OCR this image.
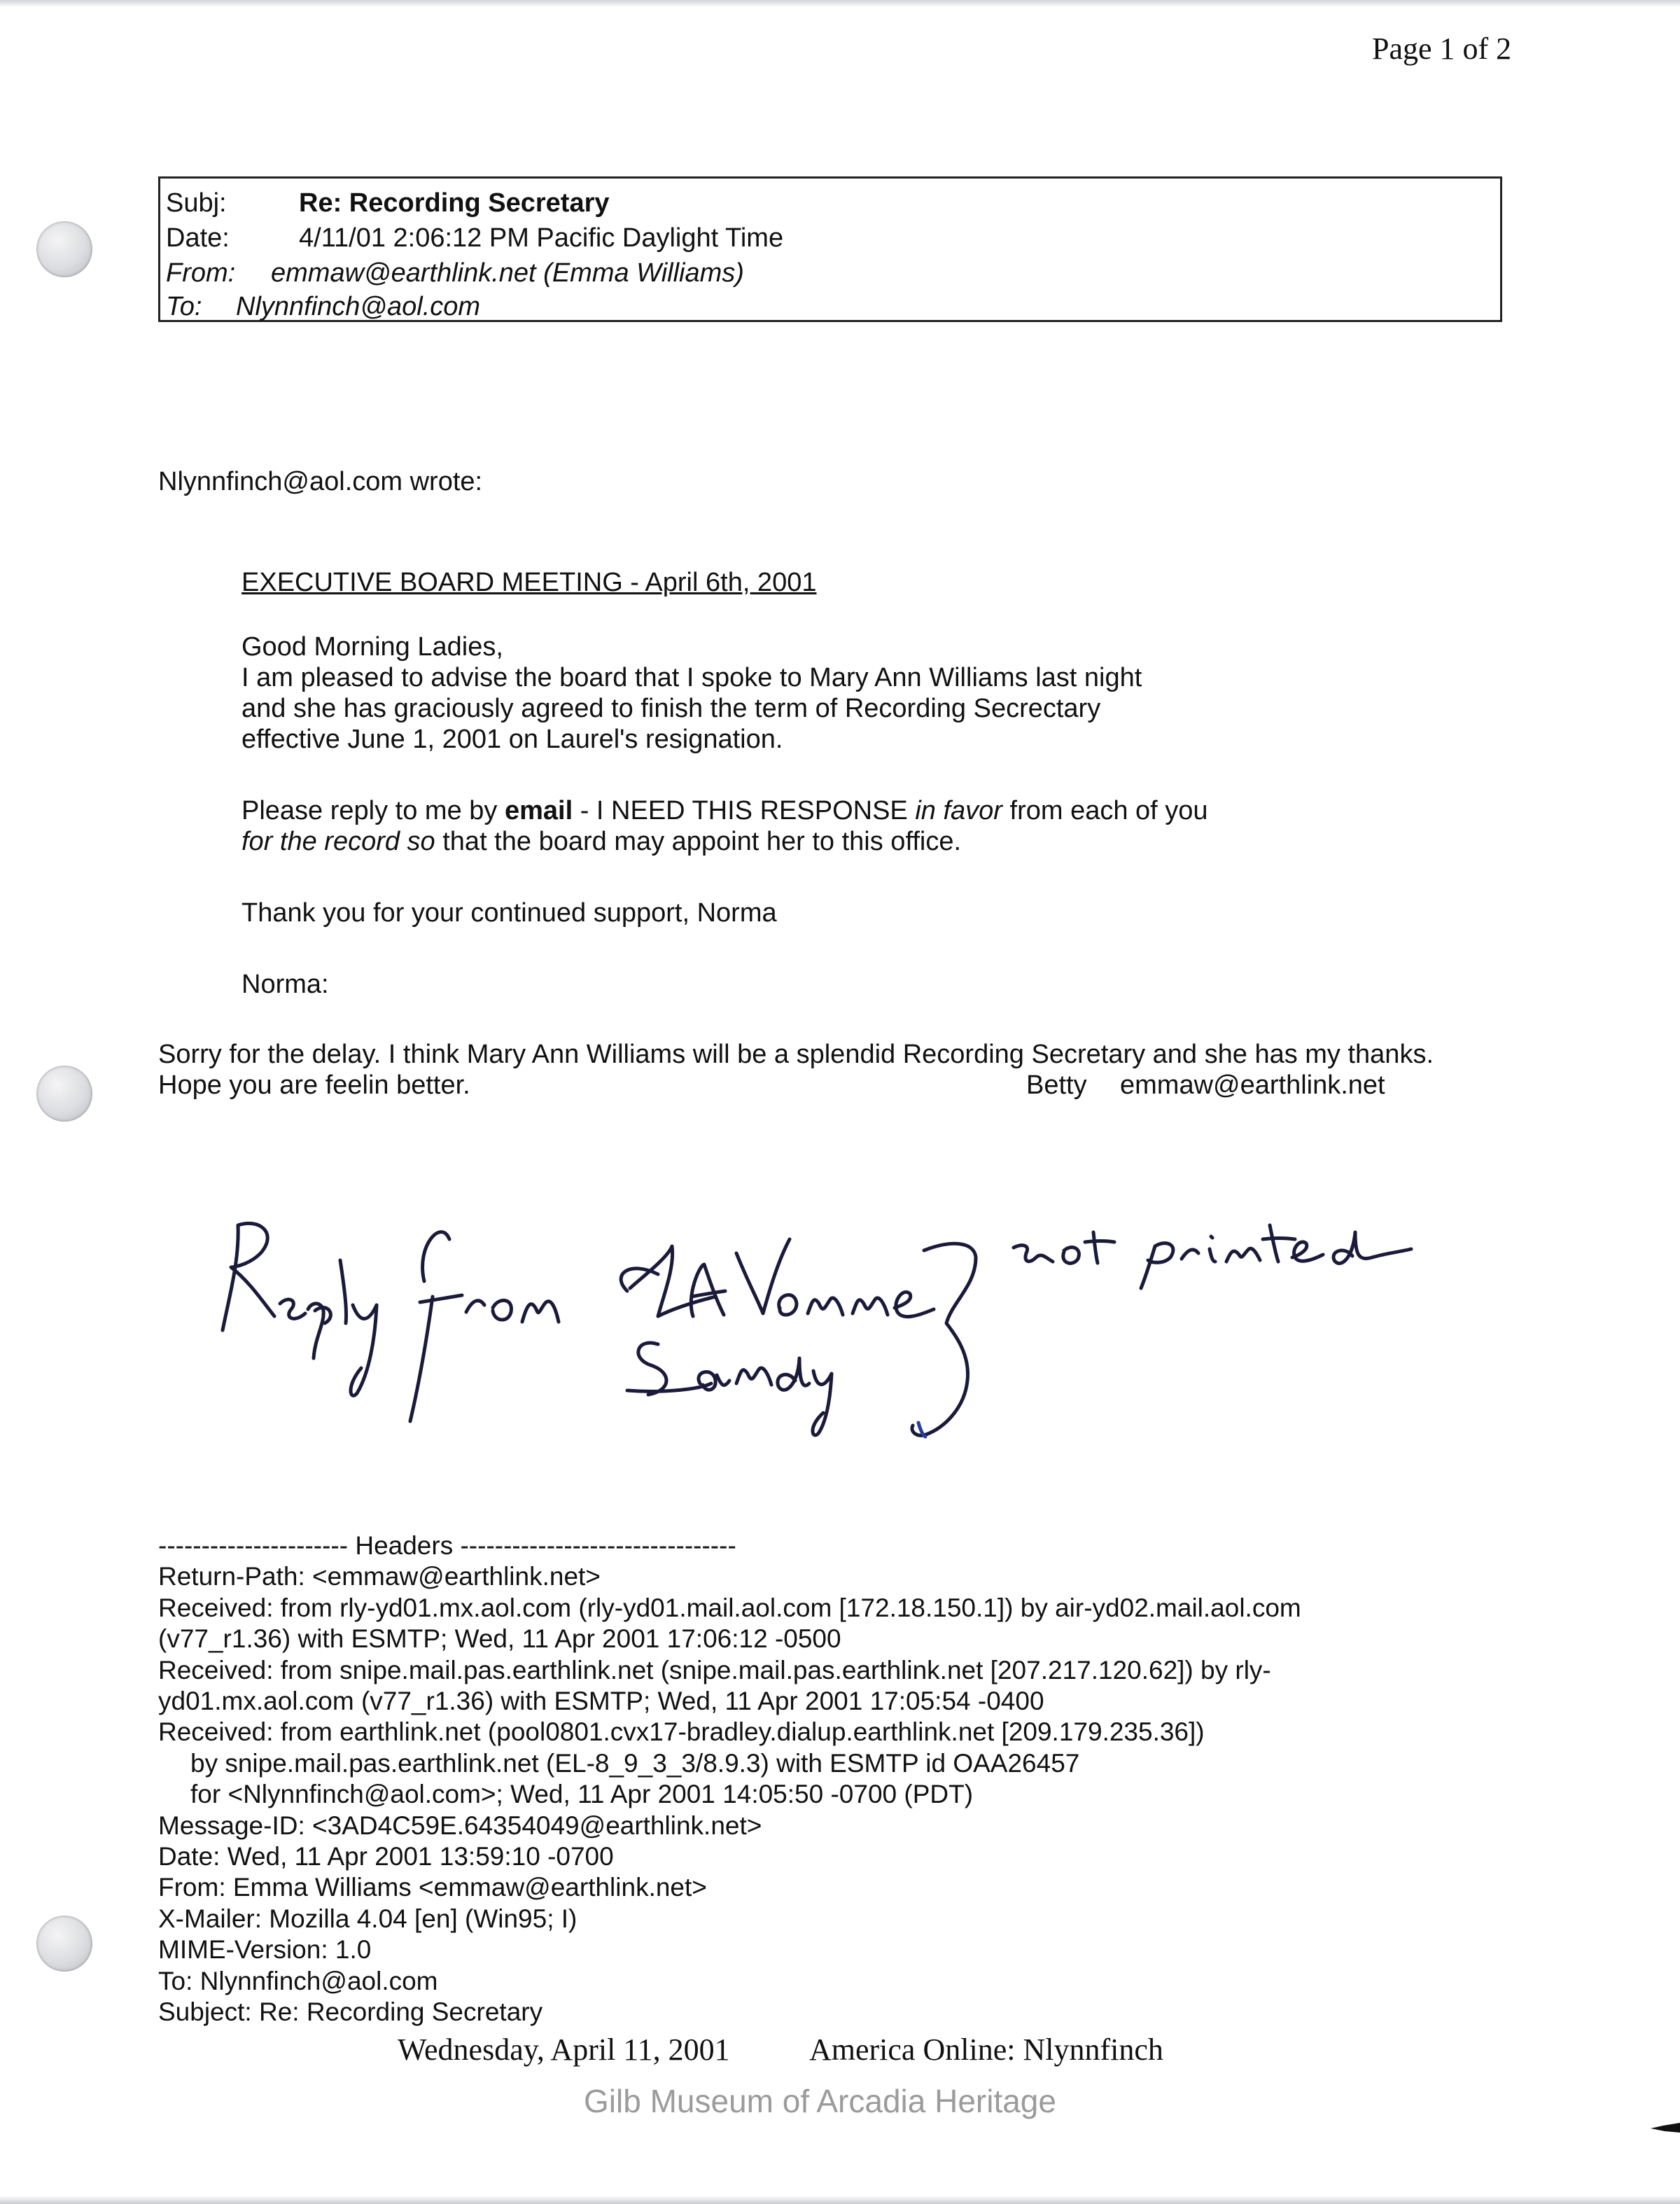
Page 1 of 2
Subj:	Re: Recording Secretary
Date:	4/11/01 2:06:12 PM Pacific Daylight Time
From: emmaw@earthlink.net (Emma Williams)
To: Nlynnfinch@aol.com
Nlynnfinch@aol.com wrote:
EXECUTIVE BOARD MEETING - April 6th, 2001
Good Morning Ladies,
I am pleased to advise the board that I spoke to Mary Ann Williams last night
and she has graciously agreed to finish the term of Recording Secrectary
effective June 1, 2001 on Laurel's resignation.
Please reply to me by email - I NEED THIS RESPONSE in favor from each of you
for the record so that the board may appoint her to this office.
Thank you for your continued support, Norma
Norma:
Sorry for the delay. I think Mary Ann Williams will be a splendid Recording Secretary and she has my thanks.
Hope you are feelin better.	Betty emmaw@earthlink.net
---------------------- Headers --------------------------------
Return-Path: <emmaw@earthlink.net>
Received: from rly-yd01.mx.aol.com (rly-yd01.mail.aol.com [172.18.150.1]) by air-yd02.mail.aol.com
(v77_r1.36) with ESMTP; Wed, 11 Apr 2001 17:06:12 -0500
Received: from snipe.mail.pas.earthlink.net (snipe.mail.pas.earthlink.net [207.217.120.62]) by rly-
yd01.mx.aol.com (v77_r1.36) with ESMTP; Wed, 11 Apr 2001 17:05:54 -0400
Received: from earthlink.net (pool0801.cvx17-bradley.dialup.earthlink.net [209.179.235.36])
by snipe.mail.pas.earthlink.net (EL-8_9_3_3/8.9.3) with ESMTP id OAA26457
for <Nlynnfinch@aol.com>; Wed, 11 Apr 2001 14:05:50 -0700 (PDT)
Message-ID: <3AD4C59E.64354049@earthlink.net>
Date: Wed, 11 Apr 2001 13:59:10 -0700
From: Emma Williams <emmaw@earthlink.net>
X-Mailer: Mozilla 4.04 [en] (Win95; I)
MIME-Version: 1.0
To: Nlynnfinch@aol.com
Subject: Re: Recording Secretary
Wednesday, April 11, 2001	America Online: Nlynnfinch
Gilb Museum of Arcadia Heritage
